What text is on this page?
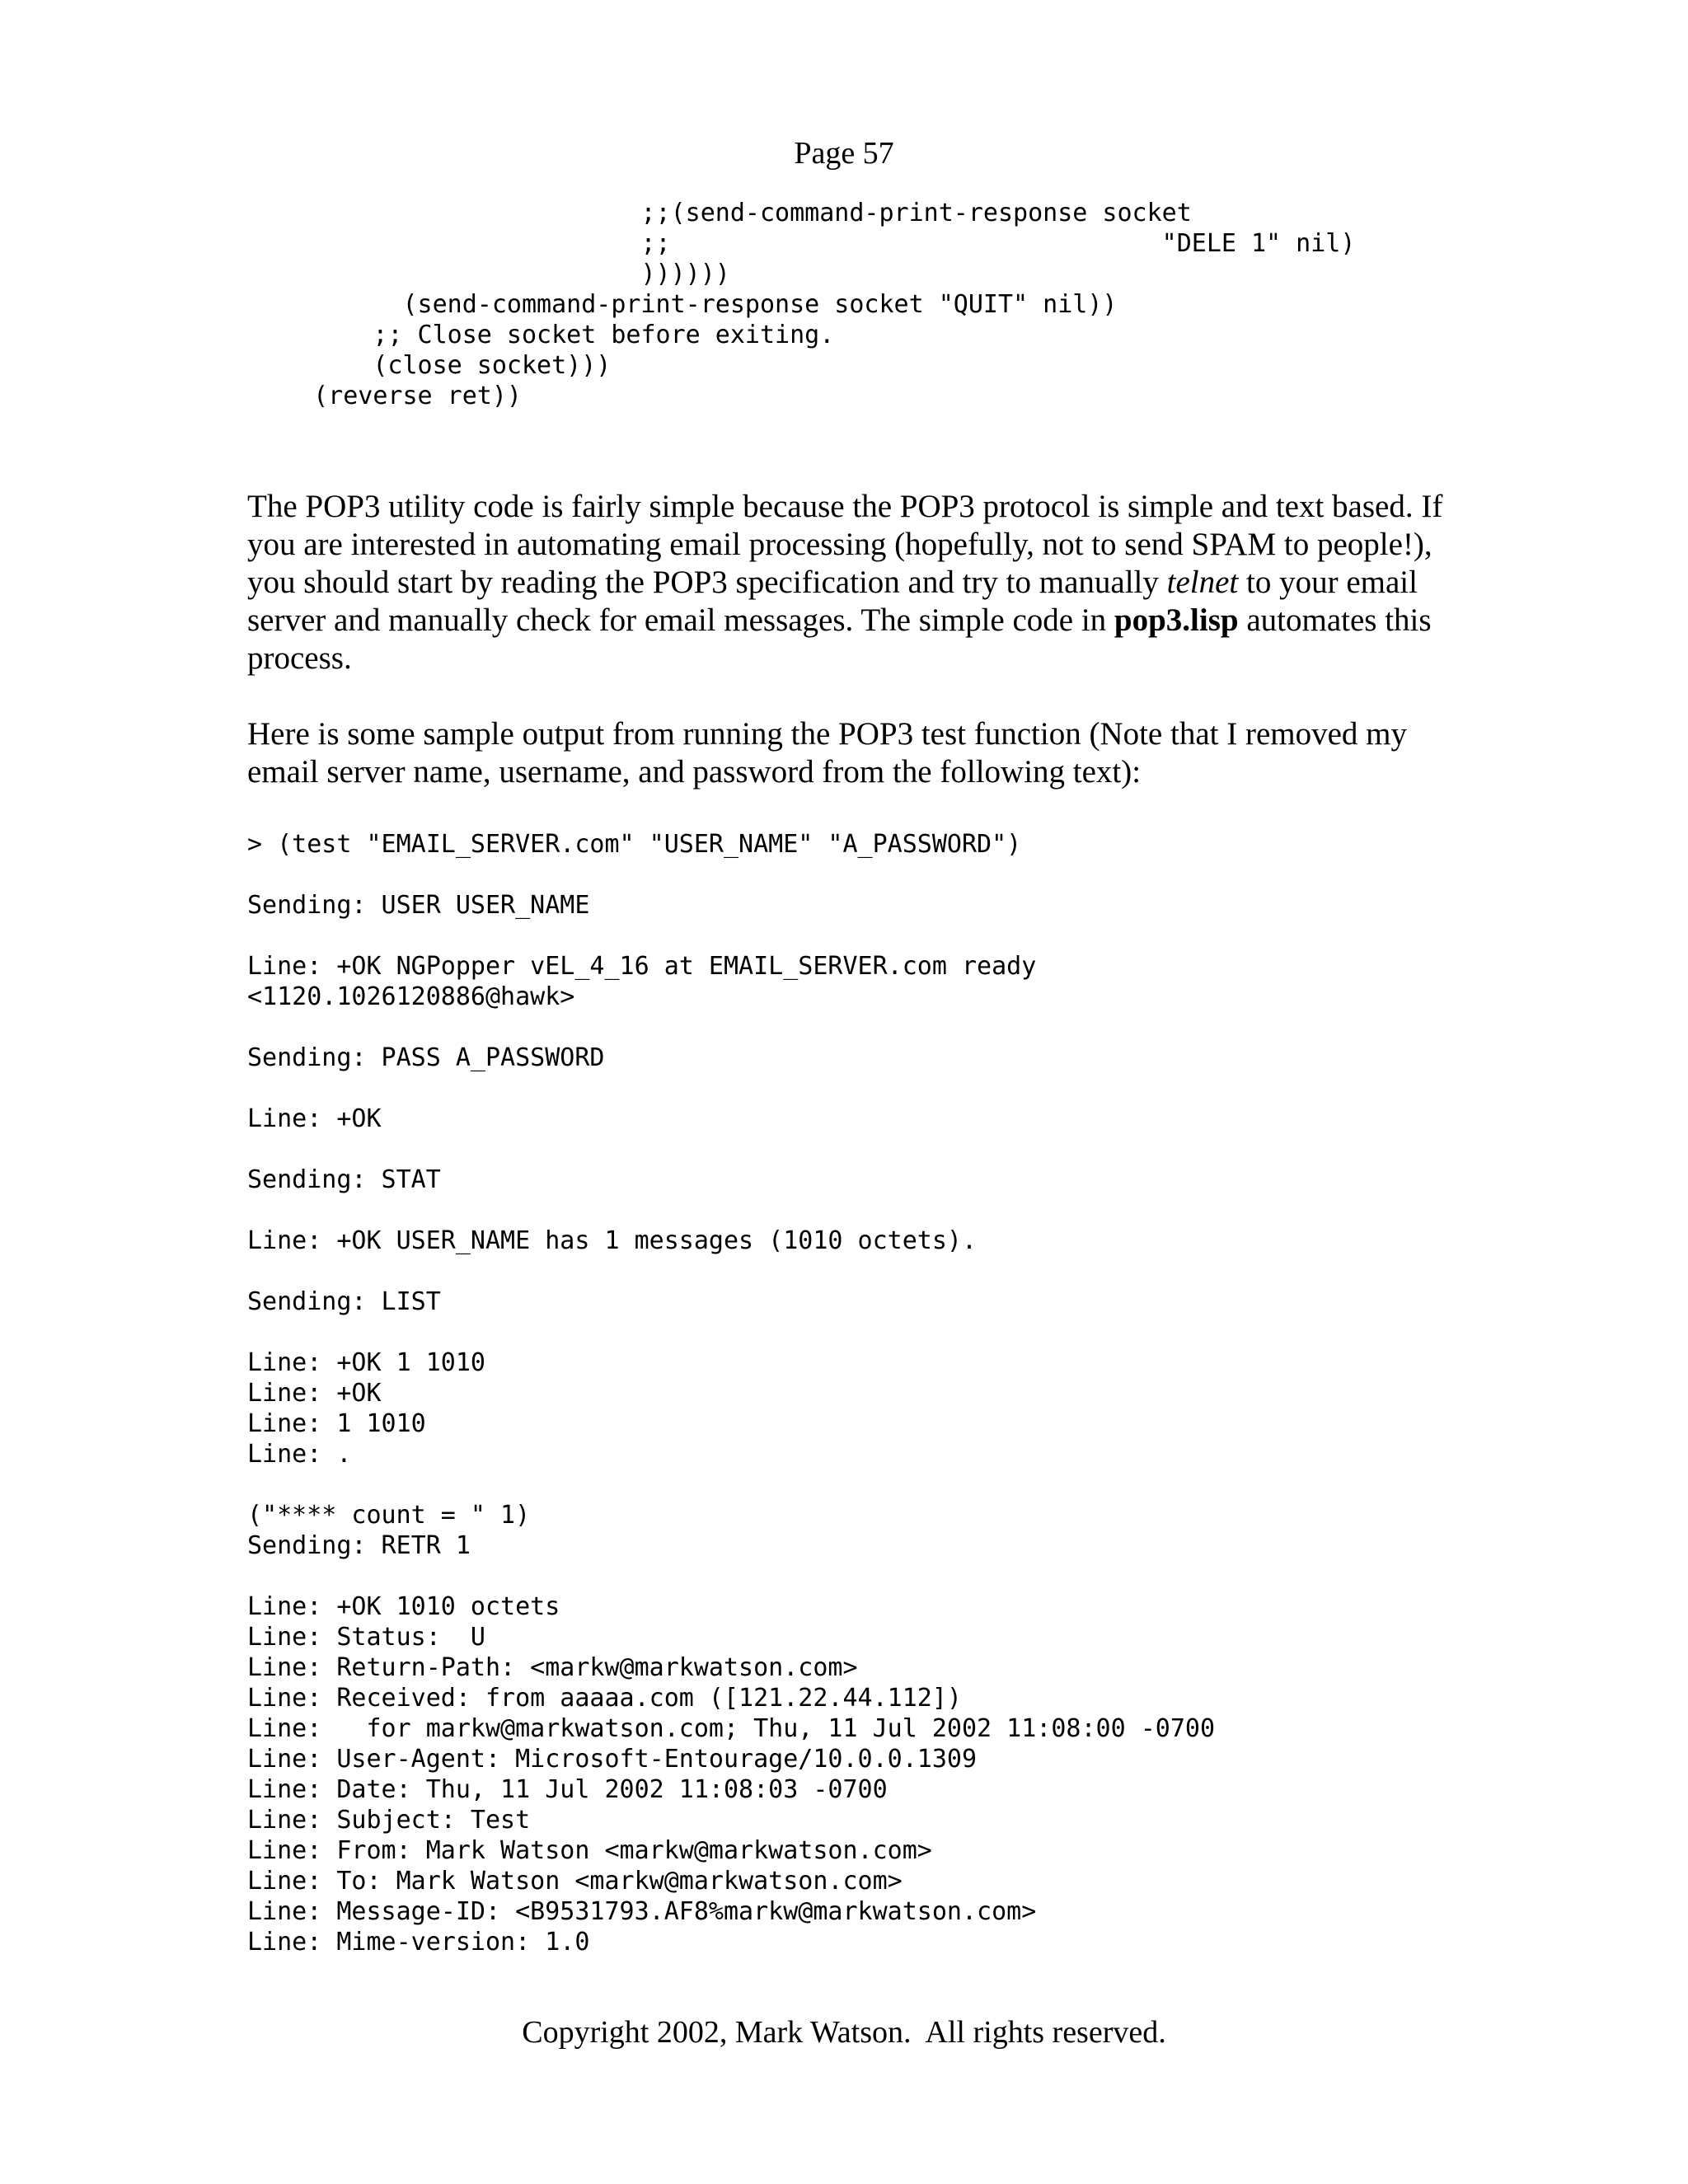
Page 57
;;(send-command-print-response socket
;;                                 "DELE 1" nil)
))))))
(send-command-print-response socket "QUIT" nil))
;; Close socket before exiting.
(close socket)))
(reverse ret))

The POP3 utility code is fairly simple because the POP3 protocol is simple and text based. If you are interested in automating email processing (hopefully, not to send SPAM to people!), you should start by reading the POP3 specification and try to manually telnet to your email server and manually check for email messages. The simple code in pop3.lisp automates this process.

Here is some sample output from running the POP3 test function (Note that I removed my email server name, username, and password from the following text):

> (test "EMAIL_SERVER.com" "USER_NAME" "A_PASSWORD")

Sending: USER USER_NAME

Line: +OK NGPopper vEL_4_16 at EMAIL_SERVER.com ready
<1120.1026120886@hawk>

Sending: PASS A_PASSWORD

Line: +OK

Sending: STAT

Line: +OK USER_NAME has 1 messages (1010 octets).

Sending: LIST

Line: +OK 1 1010
Line: +OK
Line: 1 1010
Line: .

("**** count = " 1)
Sending: RETR 1

Line: +OK 1010 octets
Line: Status:  U
Line: Return-Path: <markw@markwatson.com>
Line: Received: from aaaaa.com ([121.22.44.112])
Line:   for markw@markwatson.com; Thu, 11 Jul 2002 11:08:00 -0700
Line: User-Agent: Microsoft-Entourage/10.0.0.1309
Line: Date: Thu, 11 Jul 2002 11:08:03 -0700
Line: Subject: Test
Line: From: Mark Watson <markw@markwatson.com>
Line: To: Mark Watson <markw@markwatson.com>
Line: Message-ID: <B9531793.AF8%markw@markwatson.com>
Line: Mime-version: 1.0
Copyright 2002, Mark Watson.  All rights reserved.
